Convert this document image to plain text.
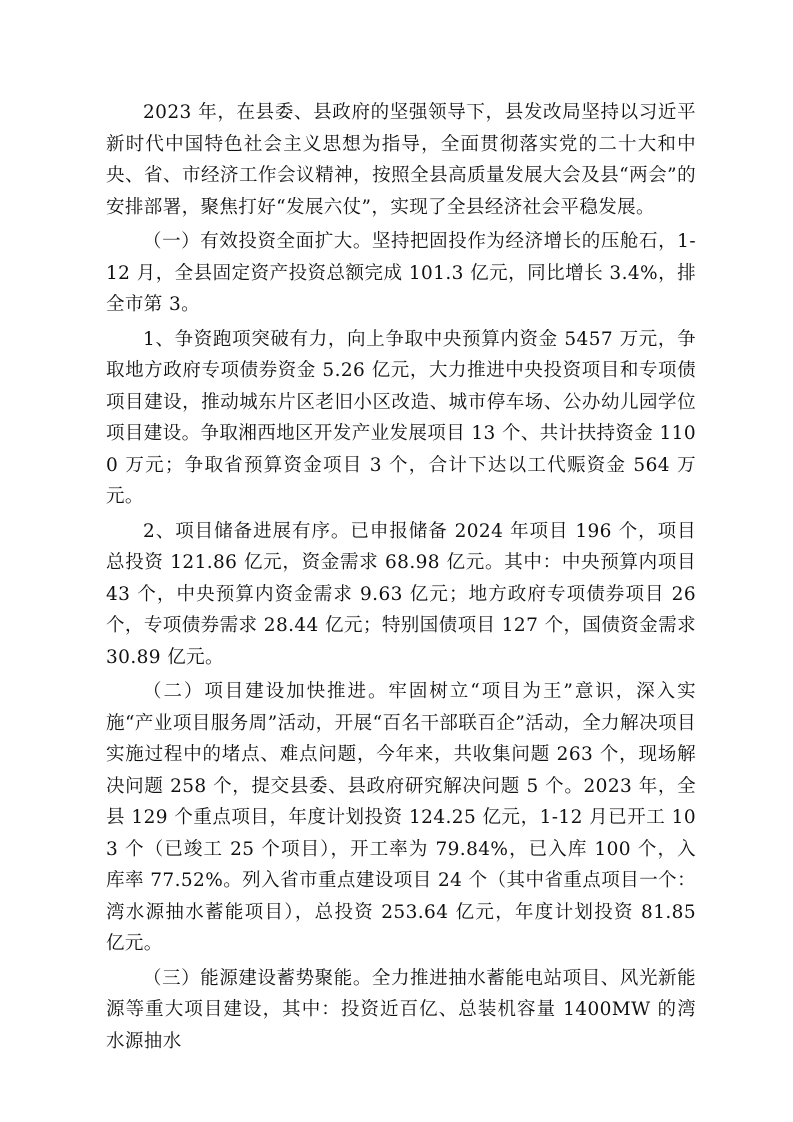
2023 年，在县委、县政府的坚强领导下，县发改局坚持以习近平新时代中国特色社会主义思想为指导，全面贯彻落实党的二十大和中央、省、市经济工作会议精神，按照全县高质量发展大会及县“两会”的安排部署，聚焦打好“发展六仗”，实现了全县经济社会平稳发展。

（一）有效投资全面扩大。坚持把固投作为经济增长的压舱石，1-12 月，全县固定资产投资总额完成 101.3 亿元，同比增长 3.4%，排全市第 3。

1、争资跑项突破有力，向上争取中央预算内资金 5457 万元，争取地方政府专项债券资金 5.26 亿元，大力推进中央投资项目和专项债项目建设，推动城东片区老旧小区改造、城市停车场、公办幼儿园学位项目建设。争取湘西地区开发产业发展项目 13 个、共计扶持资金 1100 万元；争取省预算资金项目 3 个，合计下达以工代赈资金 564 万元。

2、项目储备进展有序。已申报储备 2024 年项目 196 个，项目总投资 121.86 亿元，资金需求 68.98 亿元。其中：中央预算内项目 43 个，中央预算内资金需求 9.63 亿元；地方政府专项债券项目 26 个，专项债券需求 28.44 亿元；特别国债项目 127 个，国债资金需求 30.89 亿元。

（二）项目建设加快推进。牢固树立“项目为王”意识，深入实施“产业项目服务周”活动，开展“百名干部联百企”活动，全力解决项目实施过程中的堵点、难点问题，今年来，共收集问题 263 个，现场解决问题 258 个，提交县委、县政府研究解决问题 5 个。2023 年，全县 129 个重点项目，年度计划投资 124.25 亿元，1-12 月已开工 103 个（已竣工 25 个项目），开工率为 79.84%，已入库 100 个，入库率 77.52%。列入省市重点建设项目 24 个（其中省重点项目一个：湾水源抽水蓄能项目），总投资 253.64 亿元，年度计划投资 81.85 亿元。

（三）能源建设蓄势聚能。全力推进抽水蓄能电站项目、风光新能源等重大项目建设，其中：投资近百亿、总装机容量 1400MW 的湾水源抽水
